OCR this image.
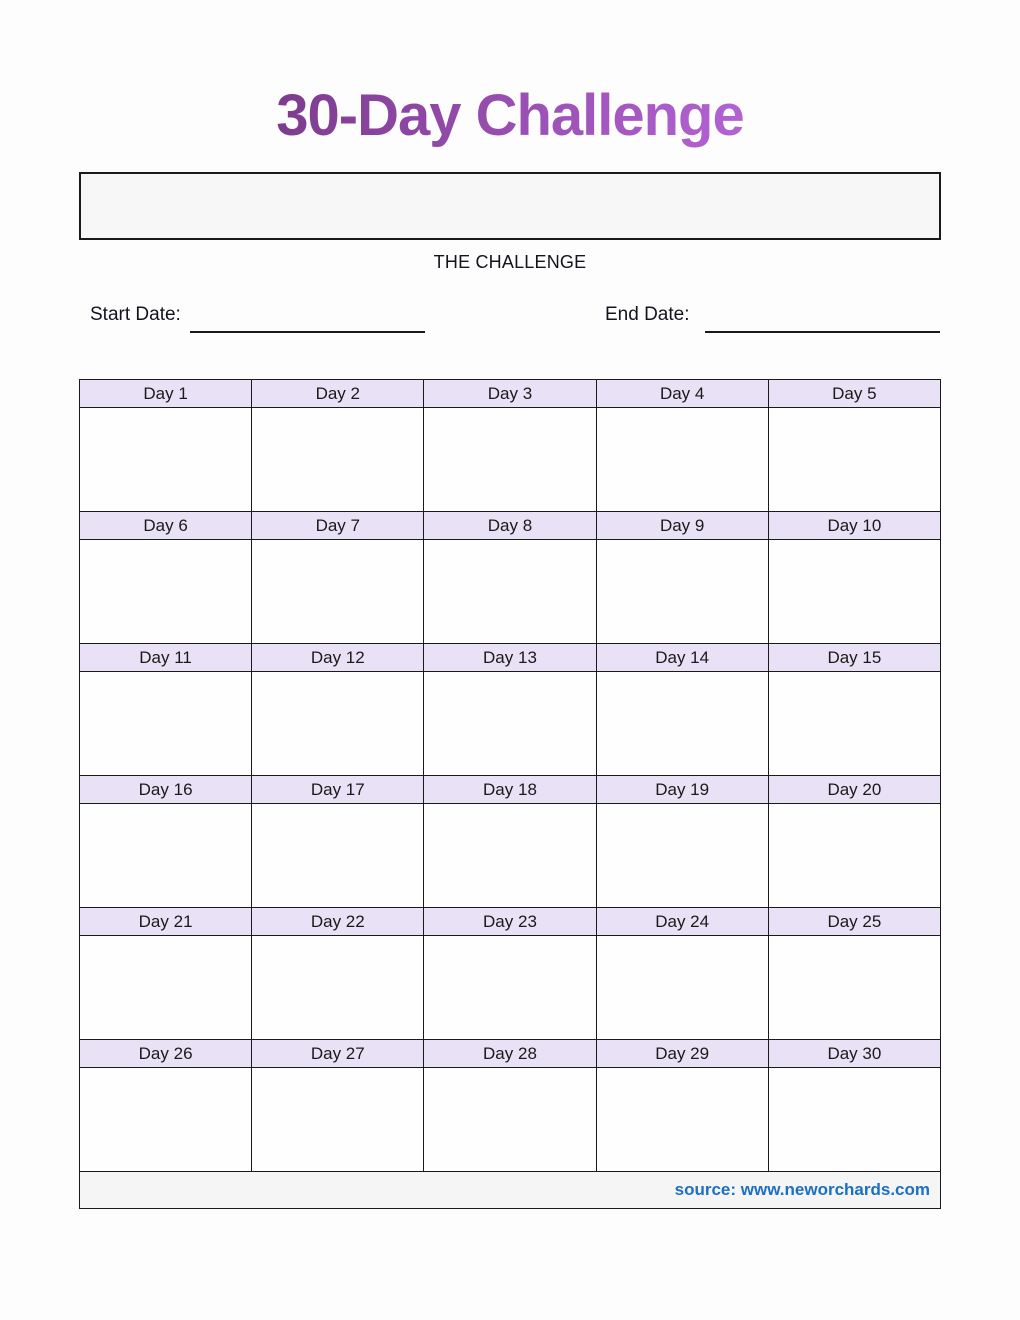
30-Day Challenge
THE CHALLENGE
Start Date:	End Date:
Day 1	Day 2	Day 3	Day 4	Day 5

Day 6	Day 7	Day 8	Day 9	Day 10

Day 11	Day 12	Day 13	Day 14	Day 15

Day 16	Day 17	Day 18	Day 19	Day 20

Day 21	Day 22	Day 23	Day 24	Day 25

Day 26	Day 27	Day 28	Day 29	Day 30

source: www.neworchards.com				
